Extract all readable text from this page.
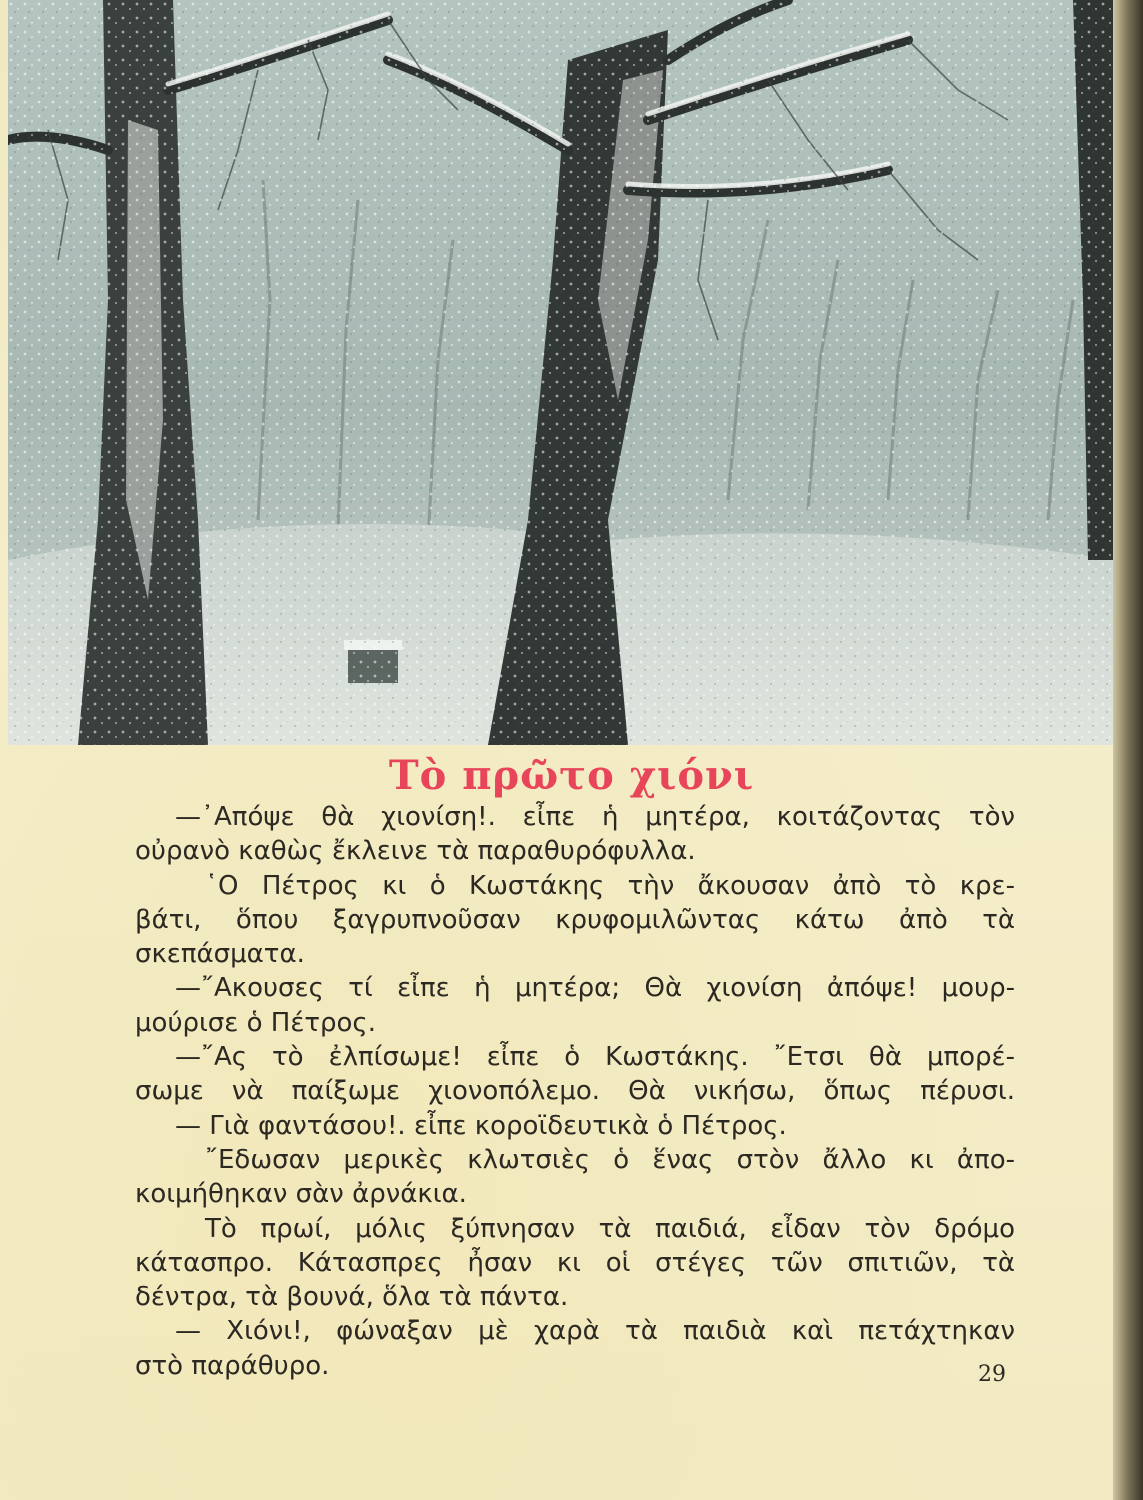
Τὸ πρῶτο χιόνι
—᾿Απόψε θὰ χιονίση!. εἶπε ἡ μητέρα, κοιτάζοντας τὸν
οὐρανὸ καθὼς ἔκλεινε τὰ παραθυρόφυλλα.
῾Ο Πέτρος κι ὁ Κωστάκης τὴν ἄκουσαν ἀπὸ τὸ κρε-
βάτι, ὅπου ξαγρυπνοῦσαν κρυφομιλῶντας κάτω ἀπὸ τὰ
σκεπάσματα.
—῎Ακουσες τί εἶπε ἡ μητέρα; Θὰ χιονίση ἀπόψε! μουρ-
μούρισε ὁ Πέτρος.
—῎Ας τὸ ἐλπίσωμε! εἶπε ὁ Κωστάκης. ῎Ετσι θὰ μπορέ-
σωμε νὰ παίξωμε χιονοπόλεμο. Θὰ νικήσω, ὅπως πέρυσι.
— Γιὰ φαντάσου!. εἶπε κοροϊδευτικὰ ὁ Πέτρος.
῎Εδωσαν μερικὲς κλωτσιὲς ὁ ἕνας στὸν ἄλλο κι ἀπο-
κοιμήθηκαν σὰν ἀρνάκια.
Τὸ πρωί, μόλις ξύπνησαν τὰ παιδιά, εἶδαν τὸν δρόμο
κάτασπρο. Κάτασπρες ἦσαν κι οἱ στέγες τῶν σπιτιῶν, τὰ
δέντρα, τὰ βουνά, ὅλα τὰ πάντα.
— Χιόνι!, φώναξαν μὲ χαρὰ τὰ παιδιὰ καὶ πετάχτηκαν
στὸ παράθυρο.	29
